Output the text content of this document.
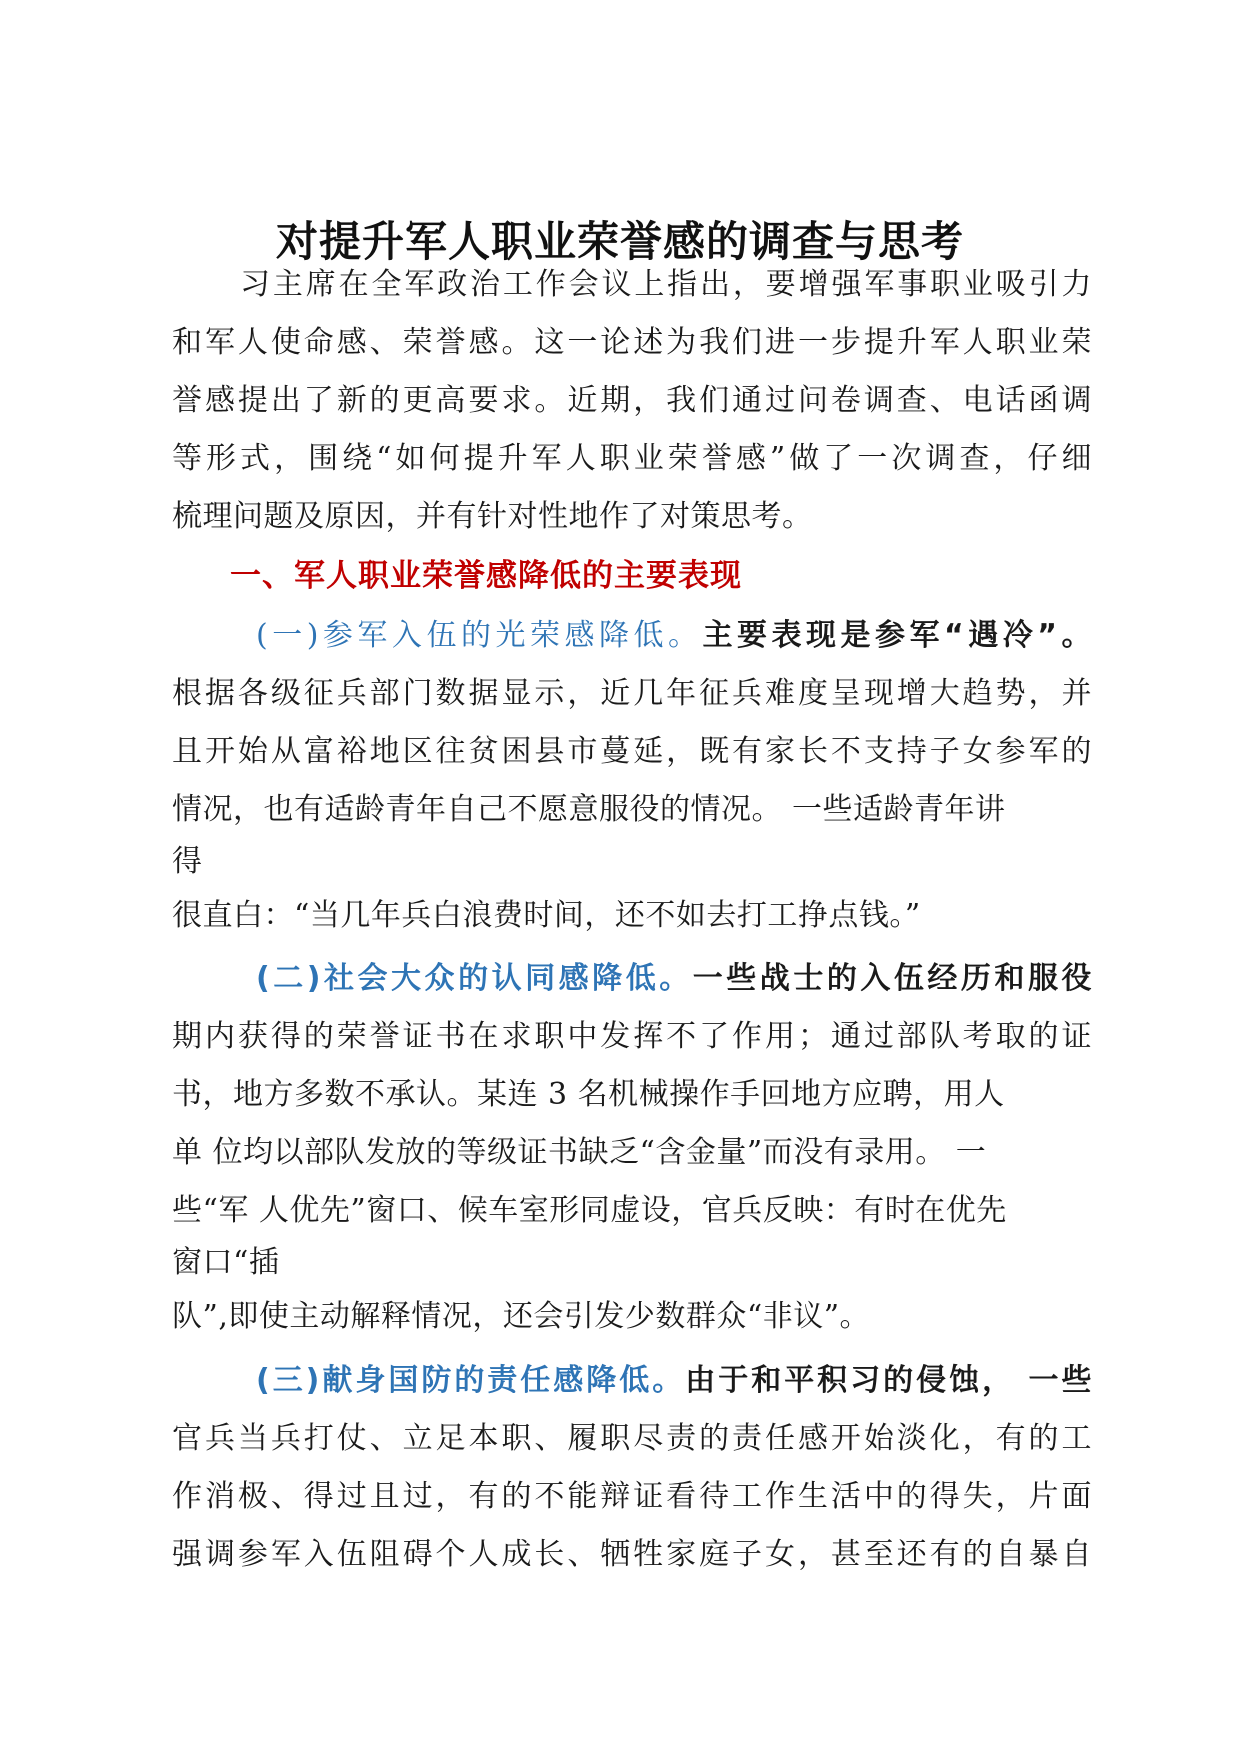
对提升军人职业荣誉感的调查与思考
习主席在全军政治工作会议上指出，要增强军事职业吸引力
和军人使命感、荣誉感。这一论述为我们进一步提升军人职业荣
誉感提出了新的更高要求。近期，我们通过问卷调查、电话函调
等形式，围绕“如何提升军人职业荣誉感”做了一次调查，仔细
梳理问题及原因，并有针对性地作了对策思考。
一、军人职业荣誉感降低的主要表现
(一)参军入伍的光荣感降低。主要表现是参军“遇冷”。
根据各级征兵部门数据显示，近几年征兵难度呈现增大趋势，并
且开始从富裕地区往贫困县市蔓延，既有家长不支持子女参军的
情况，也有适龄青年自己不愿意服役的情况。 一些适龄青年讲
得
很直白：“当几年兵白浪费时间，还不如去打工挣点钱。”
(二)社会大众的认同感降低。一些战士的入伍经历和服役
期内获得的荣誉证书在求职中发挥不了作用；通过部队考取的证
书，地方多数不承认。某连 3 名机械操作手回地方应聘，用人
单 位均以部队发放的等级证书缺乏“含金量”而没有录用。 一
些“军 人优先”窗口、候车室形同虚设，官兵反映：有时在优先
窗口“插
队”,即使主动解释情况，还会引发少数群众“非议”。
(三)献身国防的责任感降低。由于和平积习的侵蚀， 一些
官兵当兵打仗、立足本职、履职尽责的责任感开始淡化，有的工
作消极、得过且过，有的不能辩证看待工作生活中的得失，片面
强调参军入伍阻碍个人成长、牺牲家庭子女，甚至还有的自暴自
